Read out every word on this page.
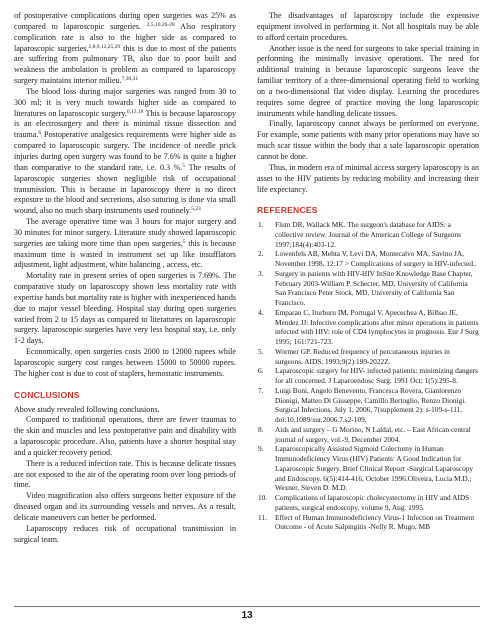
of postoperative complications during open surgeries was 25% as compared to laparoscopic surgeries. $^{2,5,10,26-28}$ Also respiratory complication rate is also to the higher side as compared to laparoscopic surgeries,$^{2,8,9,12,25,29}$ this is due to most of the patients are suffering from pulmonary TB, also due to poor built and weakness the ambulation is problem as compared to laparoscopy surgery maintains interior milieu.$^{7,30,31}$

The blood loss during major surgeries was ranged from 30 to 300 ml; it is very much towards higher side as compared to literatures on laparoscopic surgery.$^{6,13,18}$ This is because laparoscopy is an electrosurgery and there is minimal tissue dissection and trauma.$^6$ Postoperative analgesics requirements were higher side as compared to laparoscopic surgery. The incidence of needle prick injuries during open surgery was found to be 7.6% is quite a higher than comparative to the standard rate, i.e. 0.3 %.$^5$ The results of laparoscopic surgeries shown negligible risk of occupational transmission. This is because in laparoscopy there is no direct exposure to the blood and secretions, also suturing is done via small wound, also no much sharp instruments used routinely.$^{5,23}$

The average operative time was 3 hours for major surgery and 30 minutes for minor surgery. Literature study showed laparoscopic surgeries are taking more time than open surgeries,$^5$ this is because maximum time is wasted in instrument set up like insufflators adjustment, light adjustment, white balancing , access, etc.

Mortality rate in present series of open surgeries is 7.69%. The comparative study on laparoscopy shown less mortality rate with expertise hands but mortality rate is higher with inexperienced hands due to major vessel bleeding. Hospital stay during open surgeries varied from 2 to 15 days as compared to literatures on laparoscopic surgery. laparoscopic surgeries have very less hospital stay, i.e. only 1-2 days.

Economically, open surgeries costs 2000 to 12000 rupees while laparoscopic surgery cost ranges between 15000 to 50000 rupees. The higher cost is due to cost of staplers, hemostatic instruments.

CONCLUSIONS

Above study revealed following conclusions.

Compared to traditional operations, there are fewer traumas to the skin and muscles and less postoperative pain and disability with a laparoscopic procedure. Also, patients have a shorter hospital stay and a quicker recovery period.

There is a reduced infection rate. This is because delicate tissues are not exposed to the air of the operating room over long periods of time.

Video magnification also offers surgeons better exposure of the diseased organ and its surrounding vessels and nerves. As a result, delicate maneuvers can better be performed.

Laparoscopy reduces risk of occupational transmission in surgical team.

The disadvantages of laparoscopy include the expensive equipment involved in performing it. Not all hospitals may be able to afford certain procedures.

Another issue is the need for surgeons to take special training in performing the minimally invasive operations. The need for additional training is because laparoscopic surgeons leave the familiar territory of a three-dimensional operating field to working on a two-dimensional flat video display. Learning the procedures requires some degree of practice moving the long laparoscopic instruments while handling delicate tissues.

Finally, laparoscopy cannot always be performed on everyone. For example, some patients with many prior operations may have so much scar tissue within the body that a safe laparoscopic operation cannot be done.

Thus, in modern era of minimal access surgery laparoscopy is an asset to the HIV patients by reducing mobility and increasing their life expectancy.

REFERENCES
1. Flum DR, Wallack MK. The surgeon's database for AIDS: a collective review. Journal of the American College of Surgeons 1997;184(4):403-12.
2. Lowenfels AB, Mehta V, Levi DA, Montecalvo MA, Savino JA, November 1998, 12:17 > Complications of surgery in HIV-infected..
3. Surgery in patients with HIV-HIV InSite Knowledge Base Chapter, February 2003-William P. Schecter, MD, University of California San Francisco Peter Stock, MD, University of California San Francisco.
4. Emparan C, Iturburu IM, Portugal V, Apecechea A, Bilbao JE, Mendez JJ: Infective complications after minor operations in patients infected with HIV: role of CD4 lymphocytes in prognosis. Eur J Surg 1995; 161:721-723.
5. Wormer GP. Reduced frequency of percutaneous injuries in surgeons. AIDS. 1993;9(2):199-2022Z.
6. Laparoscopic surgery for HIV- infected patients: minimizing dangers for all concerned. J Laparoendosc Surg. 1991 Oct; 1(5):295-8.
7. Luigi Boni, Angelo Benevento, Francesca Rovera, Gianlorenzo Dionigi, Matteo Di Giuseppe, Camillo Bertoglio, Renzo Dionigi. Surgical Infections. July 1, 2006, 7(supplement 2): s-109-s-111. doi:10.1089/sur.2006.7.s2-109.
8. Aids and surgery – G Morino, N Laldal, etc. – East African central journal of surgery, vol.-9, December 2004.
9. Laparoscopically Assisted Sigmoid Colectomy in Human Immunodeficiency Virus (HIV) Patients: A Good Indication for Laparoscopic Surgery. Brief Clinical Report -Surgical Laparoscopy and Endoscopy. 6(5):414-416, October 1996.Oliveira, Lucia M.D.; Wexner, Steven D. M.D.
10. Complications of laparoscopic cholecystectomy in HIV and AIDS patients, surgical endoscopy, volume 9, Aug. 1995.
11. Effect of Human Immunodeficiency Virus-1 Infection on Treatment Outcome - of Acute Salpingitis -Nelly R. Mugo, MB
13
